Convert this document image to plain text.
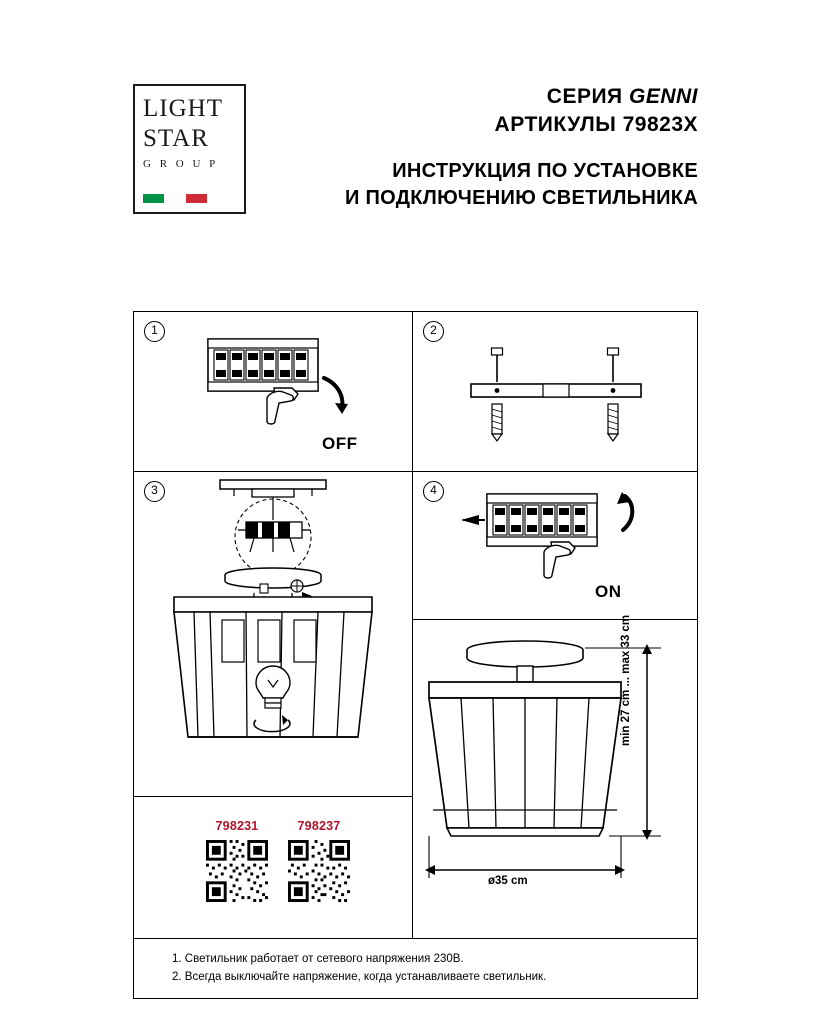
LIGHT
STAR
G R O U P
СЕРИЯ GENNI
АРТИКУЛЫ 79823X
ИНСТРУКЦИЯ ПО УСТАНОВКЕ
И ПОДКЛЮЧЕНИЮ СВЕТИЛЬНИКА
1
OFF
2
3	4
ON
min 27 cm ... max 33 cm
ø35 cm
798231	798237
1. Светильник работает от сетевого напряжения 230В.
2. Всегда выключайте напряжение, когда устанавливаете светильник.
